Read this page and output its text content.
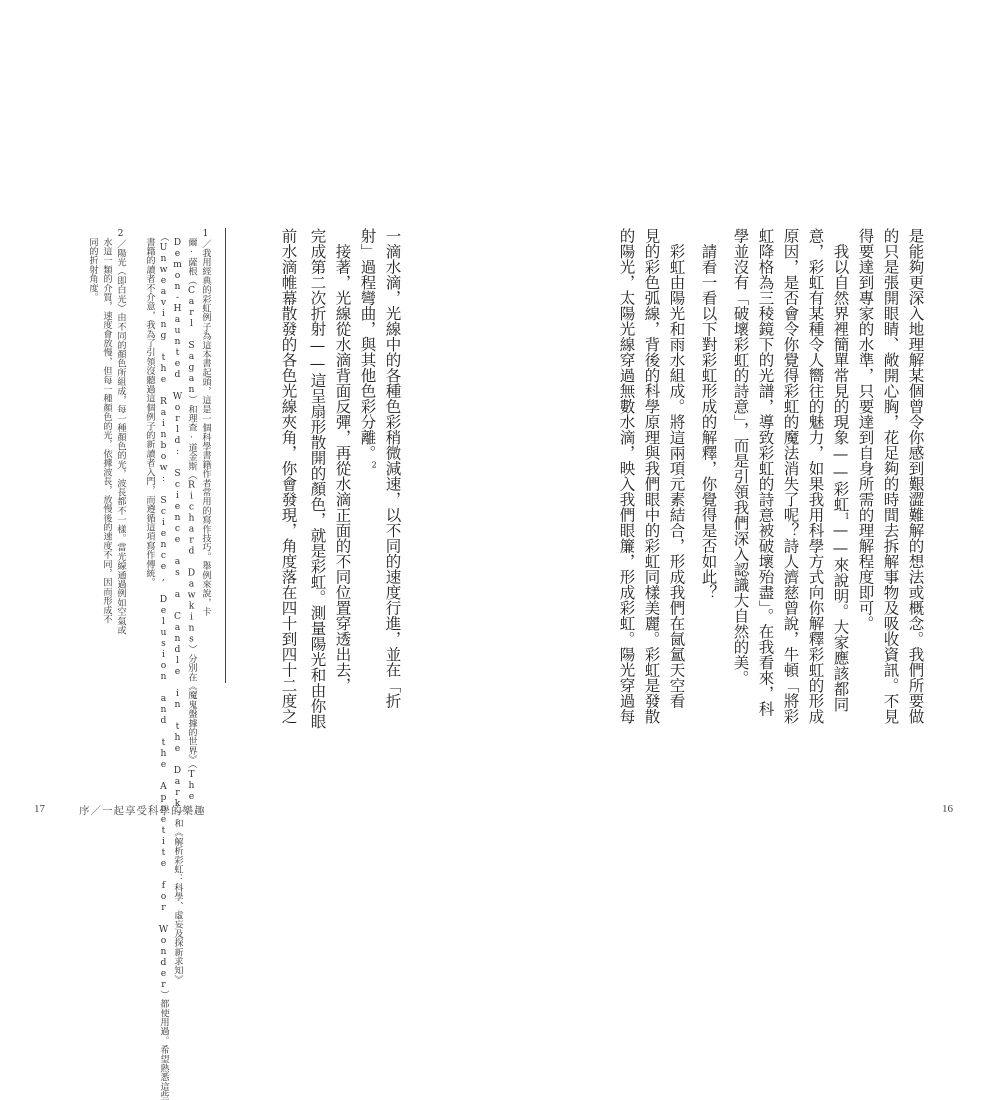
是能夠更深入地理解某個曾令你感到艱澀難解的想法或概念。我們所要做
的只是張開眼睛、敞開心胸，花足夠的時間去拆解事物及吸收資訊。不見
得要達到專家的水準，只要達到自身所需的理解程度即可。
　我以自然界裡簡單常見的現象——彩虹$^1$——來說明。大家應該都同
意，彩虹有某種令人嚮往的魅力，如果我用科學方式向你解釋彩虹的形成
原因，是否會令你覺得彩虹的魔法消失了呢？詩人濟慈曾說，牛頓「將彩
虹降格為三稜鏡下的光譜，導致彩虹的詩意被破壞殆盡」。在我看來，科
學並沒有「破壞彩虹的詩意」，而是引領我們深入認識大自然的美。
　請看一看以下對彩虹形成的解釋，你覺得是否如此？
　彩虹由陽光和雨水組成。將這兩項元素結合，形成我們在氤氳天空看
見的彩色弧線，背後的科學原理與我們眼中的彩虹同樣美麗。彩虹是發散
的陽光，太陽光線穿過無數水滴，映入我們眼簾，形成彩虹。陽光穿過每
一滴水滴，光線中的各種色彩稍微減速，以不同的速度行進，並在「折
射」過程彎曲，與其他色彩分離。$^2$
　接著，光線從水滴背面反彈，再從水滴正面的不同位置穿透出去，
完成第二次折射——這呈扇形散開的顏色，就是彩虹。測量陽光和由你眼
前水滴帷幕散發的各色光線夾角，你會發現，角度落在四十到四十二度之
1／我用經典的彩虹例子為這本書起頭，這是一個科學書籍作者常用的寫作技巧。舉例來說，卡
　爾·薩根（Carl Sagan）和理查·道金斯（Richard Dawkins）分別在《魔鬼盤據的世界》（The
　Demon-Haunted World: Science as a Candle in the Dark）和《解析彩虹：科學、虛妄及探新求知》
　（Unweaving the Rainbow: Science, Delusion and the Appetite for Wonder）都使用過。希望熟悉這些
　書籍的讀者不介意，我為了引領沒聽過這個例子的新讀者入門，而遵循這項寫作傳統。
2／陽光（即白光）由不同的顏色所組成，每一種顏色的光，波長都不一樣。當光線通過例如空氣或
　水這一類的介質，速度會放慢，但每一種顏色的光，依據波長，放慢後的速度不同，因而形成不
　同的折射角度。
17	序／一起享受科學的樂趣	16
